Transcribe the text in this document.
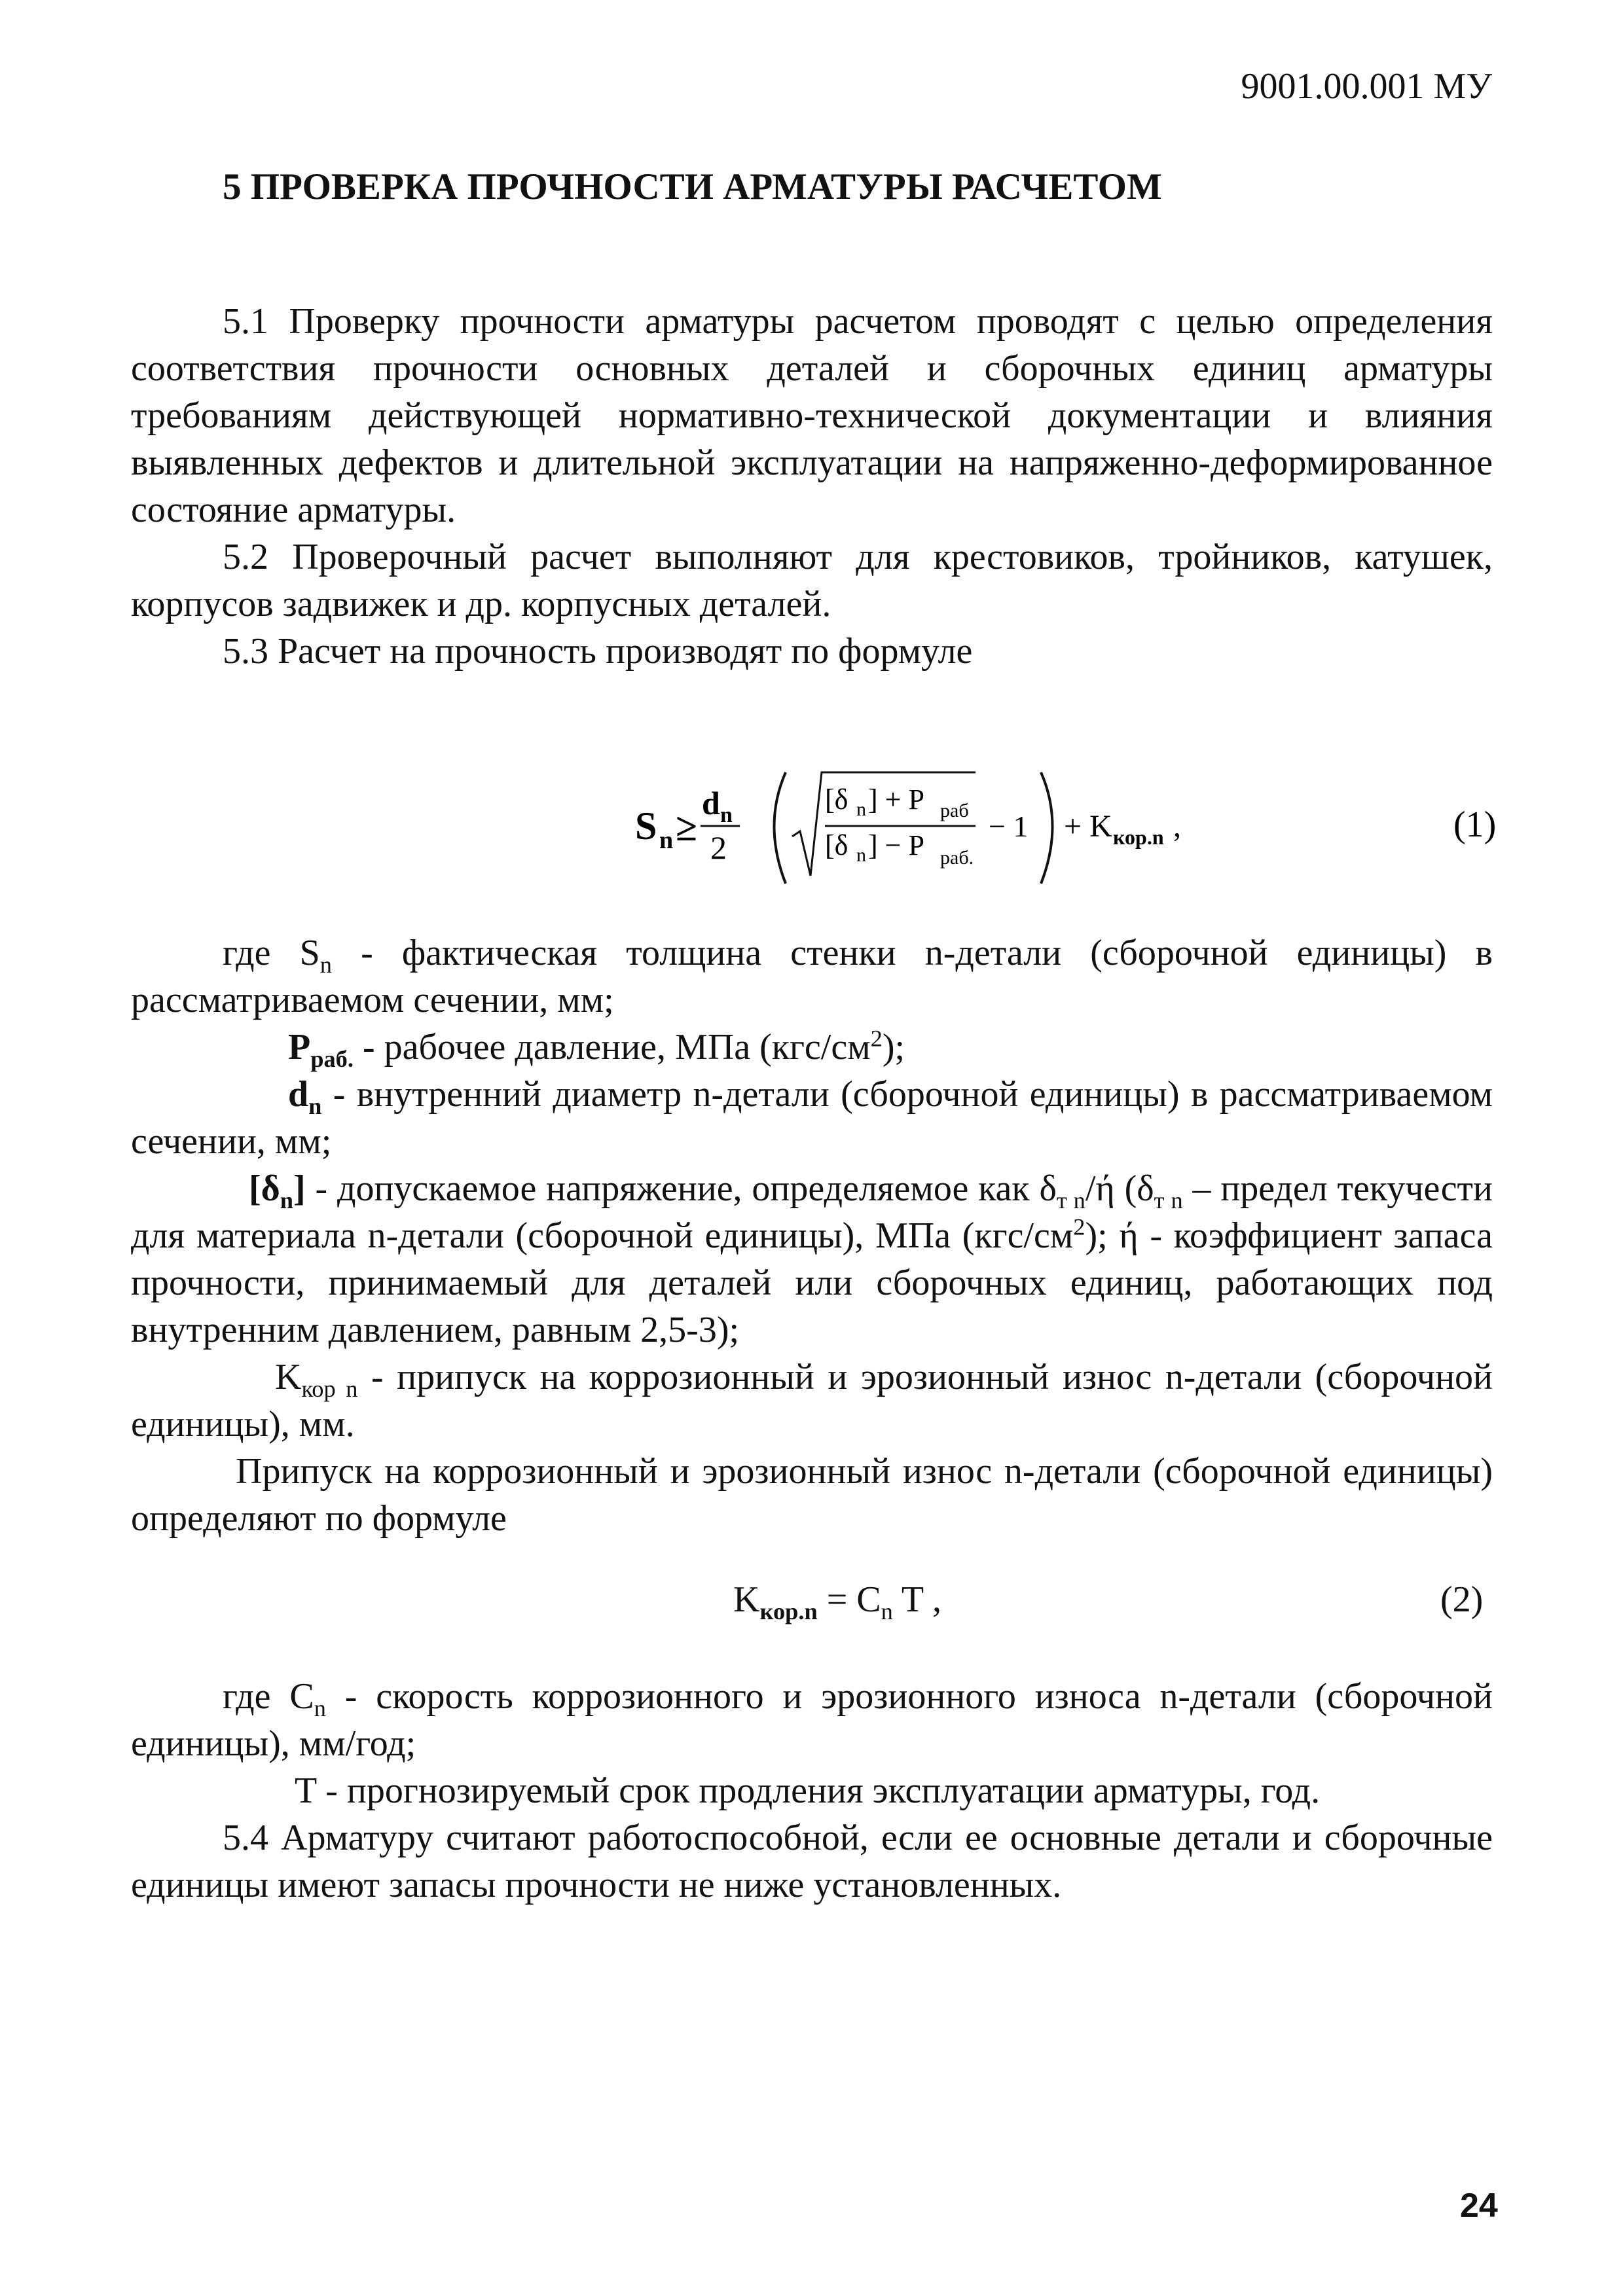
9001.00.001 МУ
5 ПРОВЕРКА ПРОЧНОСТИ АРМАТУРЫ РАСЧЕТОМ

5.1 Проверку прочности арматуры расчетом проводят с целью определения соответствия прочности основных деталей и сборочных единиц арматуры требованиям действующей нормативно-технической документации и влияния выявленных дефектов и длительной эксплуатации на напряженно-деформированное состояние арматуры.

5.2 Проверочный расчет выполняют для крестовиков, тройников, катушек, корпусов задвижек и др. корпусных деталей.

5.3 Расчет на прочность производят по формуле

S n ≥
d n
2
[δ n ] + P раб
[δ n ] − P раб.
− 1 + K кор.n ,	(1)

где $S_n$ - фактическая толщина стенки n-детали (сборочной единицы) в рассматриваемом сечении, мм;

$P_{раб.}$ - рабочее давление, МПа $(кгс/см^2)$;

$d_n$ - внутренний диаметр n-детали (сборочной единицы) в рассматриваемом сечении, мм;

$[\delta_n]$ - допускаемое напряжение, определяемое как $\delta_{т n}/ή$ ($\delta_{т n}$ – предел текучести для материала n-детали (сборочной единицы), МПа $(кгс/см^2)$; ή - коэффициент запаса прочности, принимаемый для деталей или сборочных единиц, работающих под внутренним давлением, равным 2,5-3);

$K_{кор n}$ - припуск на коррозионный и эрозионный износ n-детали (сборочной единицы), мм.

Припуск на коррозионный и эрозионный износ n-детали (сборочной единицы) определяют по формуле

$K_{кор.n} = C_n$ T ,	(2)

где $C_n$ - скорость коррозионного и эрозионного износа n-детали (сборочной единицы), мм/год;

T - прогнозируемый срок продления эксплуатации арматуры, год.

5.4 Арматуру считают работоспособной, если ее основные детали и сборочные единицы имеют запасы прочности не ниже установленных.

24
